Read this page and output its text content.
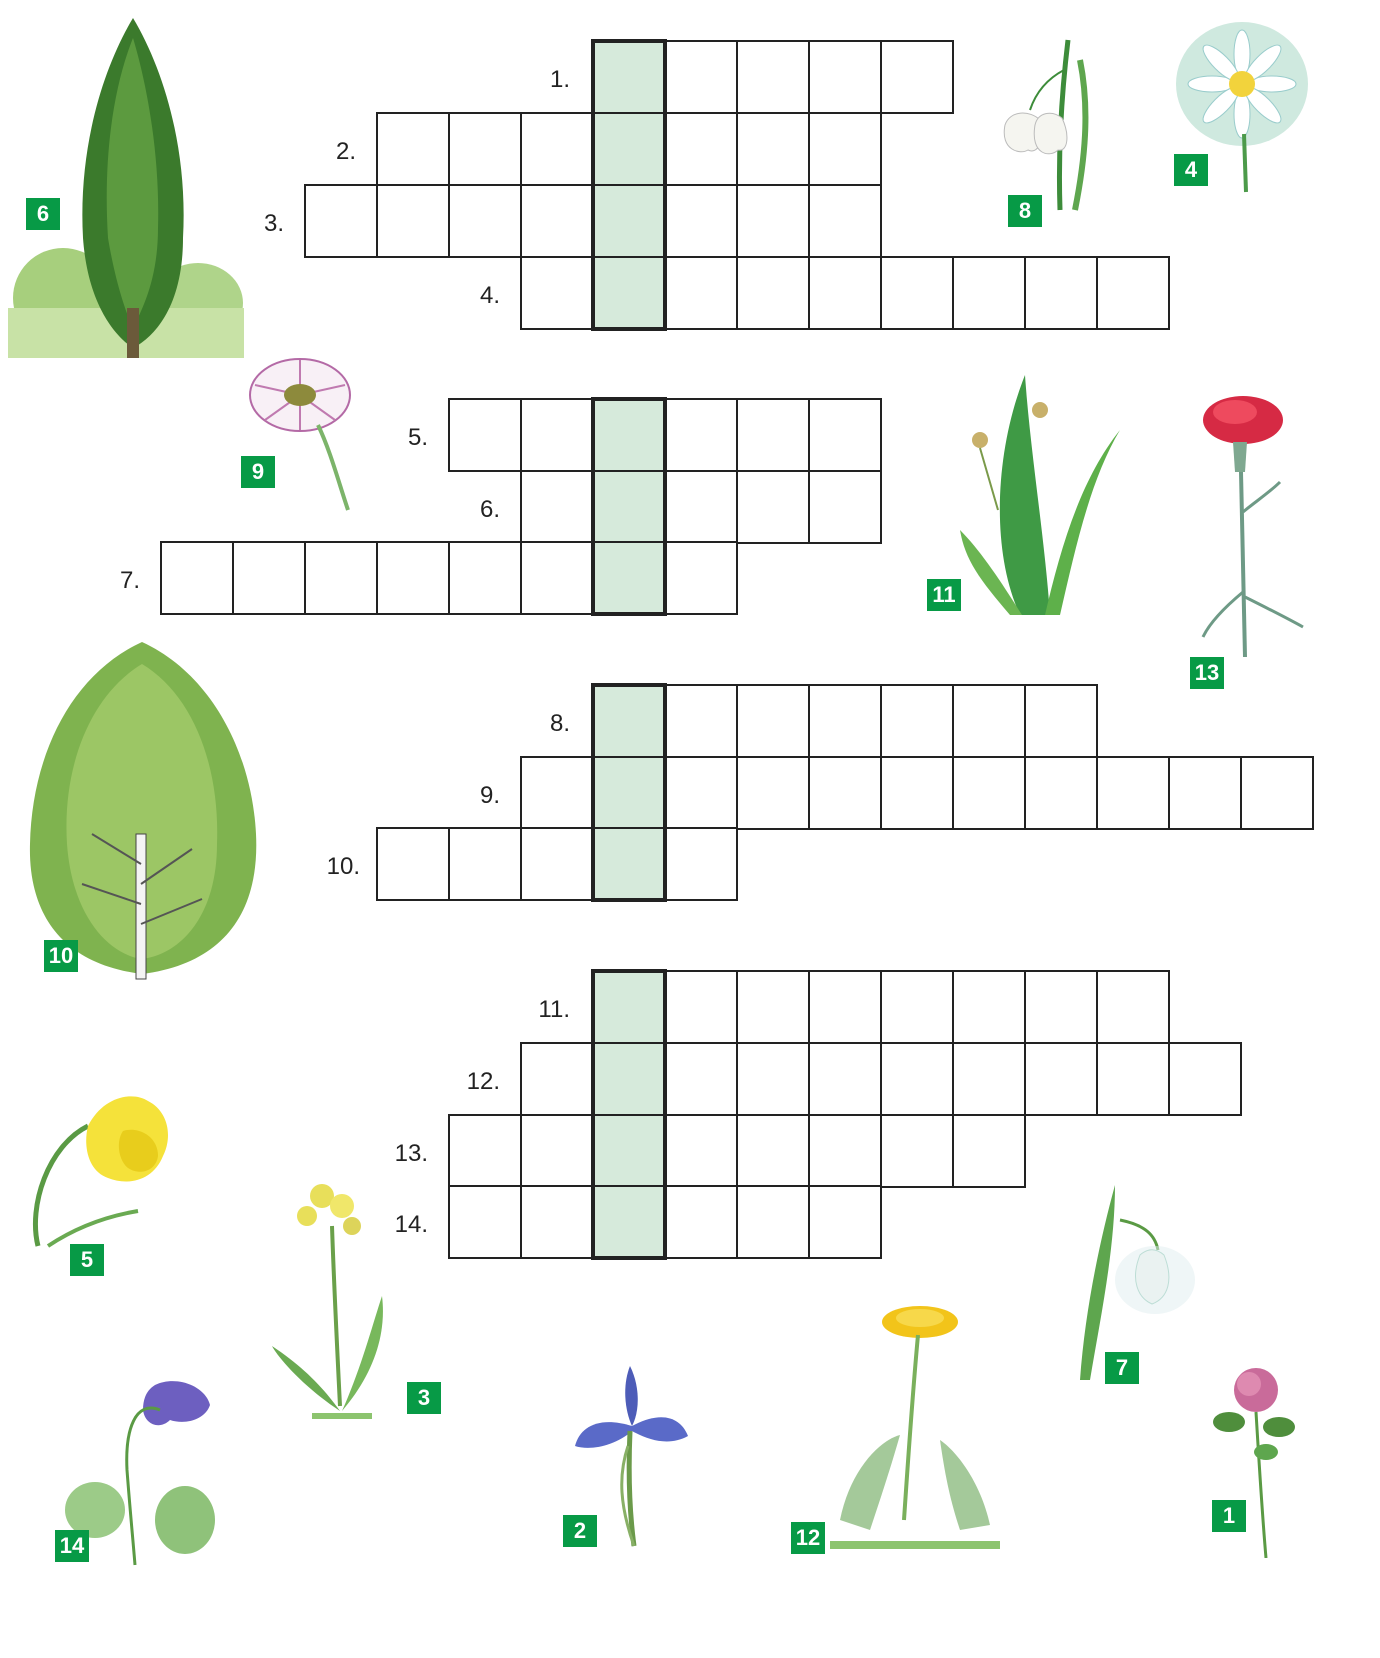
1.
2.
3.
4.
5.
6.
7.
8.
9.
10.
11.
12.
13.
14.
6	8
4
9
11
13
10
5
3
14
2	12
7
1
